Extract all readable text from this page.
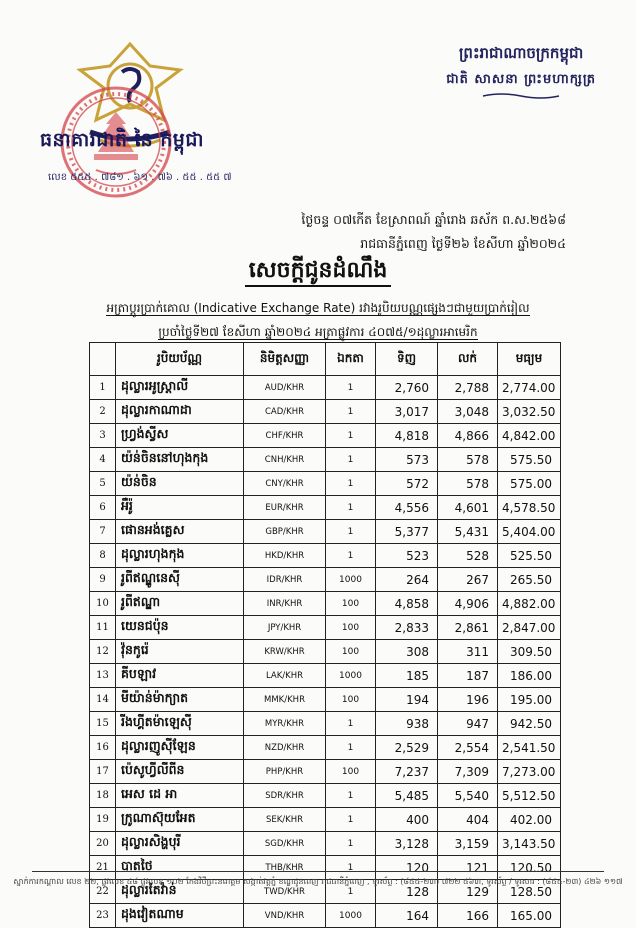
ធនាគារជាតិ នៃ កម្ពុជា
លេខ ៥៥៥ . ៧៨១ . ៦១ . ៧៦ . ៥៥ . ៥៥ ៧
ព្រះរាជាណាចក្រកម្ពុជា
ជាតិ សាសនា ព្រះមហាក្សត្រ
ថ្ងៃចន្ទ ០៧កើត ខែស្រាពណ៍ ឆ្នាំរោង ឆស័ក ព.ស.២៥៦៨
រាជធានីភ្នំពេញ ថ្ងៃទី២៦ ខែសីហា ឆ្នាំ២០២៤
សេចក្តីជូនដំណឹង
អត្រាប្តូរប្រាក់គោល (Indicative Exchange Rate) រវាងរូបិយបណ្ណផ្សេងៗជាមួយប្រាក់រៀល
ប្រចាំថ្ងៃទី២៧ ខែសីហា ឆ្នាំ២០២៤ អត្រាផ្លូវការ ៤០៧៥/១ដុល្លារអាមេរិក
	រូបិយប័ណ្ណ	និមិត្តសញ្ញា	ឯកតា	ទិញ	លក់	មធ្យម
1	ដុល្លារអូស្ត្រាលី	AUD/KHR	1	2,760	2,788	2,774.00
2	ដុល្លារកាណាដា	CAD/KHR	1	3,017	3,048	3,032.50
3	ហ្វ្រង់ស្វីស	CHF/KHR	1	4,818	4,866	4,842.00
4	យ៉ន់ចិននៅហុងកុង	CNH/KHR	1	573	578	575.50
5	យ៉ន់ចិន	CNY/KHR	1	572	578	575.00
6	អឺរ៉ូ	EUR/KHR	1	4,556	4,601	4,578.50
7	ផោនអង់គ្លេស	GBP/KHR	1	5,377	5,431	5,404.00
8	ដុល្លារហុងកុង	HKD/KHR	1	523	528	525.50
9	រូពីឥណ្ឌូនេស៊ី	IDR/KHR	1000	264	267	265.50
10	រូពីឥណ្ឌា	INR/KHR	100	4,858	4,906	4,882.00
11	យេនជប៉ុន	JPY/KHR	100	2,833	2,861	2,847.00
12	វ៉ុនកូរ៉េ	KRW/KHR	100	308	311	309.50
13	គីបឡាវ	LAK/KHR	1000	185	187	186.00
14	មីយ៉ាន់ម៉ាក្យាត	MMK/KHR	100	194	196	195.00
15	រីងហ្គីតម៉ាឡេស៊ី	MYR/KHR	1	938	947	942.50
16	ដុល្លារញូស៊ីឡែន	NZD/KHR	1	2,529	2,554	2,541.50
17	ប៉េសូហ្វីលីពីន	PHP/KHR	100	7,237	7,309	7,273.00
18	អេស ដេ អា	SDR/KHR	1	5,485	5,540	5,512.50
19	ក្រូណាស៊ុយអែត	SEK/KHR	1	400	404	402.00
20	ដុល្លារសិង្ហបុរី	SGD/KHR	1	3,128	3,159	3,143.50
21	បាតថៃ	THB/KHR	1	120	121	120.50
22	ដុល្លារតៃវ៉ាន់	TWD/KHR	1	128	129	128.50
23	ដុងវៀតណាម	VND/KHR	1000	164	166	165.00
ស្នាក់ការកណ្តាល លេខ ២២, ផ្លូវលេខ ៤៨ ផ្លូវលេខ ១០២ កែងវិថីព្រះនរោត្តម សង្កាត់វត្តភ្នំ ខណ្ឌដូនពេញ រាជធានីភ្នំពេញ , ទូរស័ព្ទ : (៨៥៥-២៣) ៧២២ ៥៦៣, ទូរស័ព្ទ / ទូរសារ : (៨៥៥-២៣) ៤២៦ ១១៧
